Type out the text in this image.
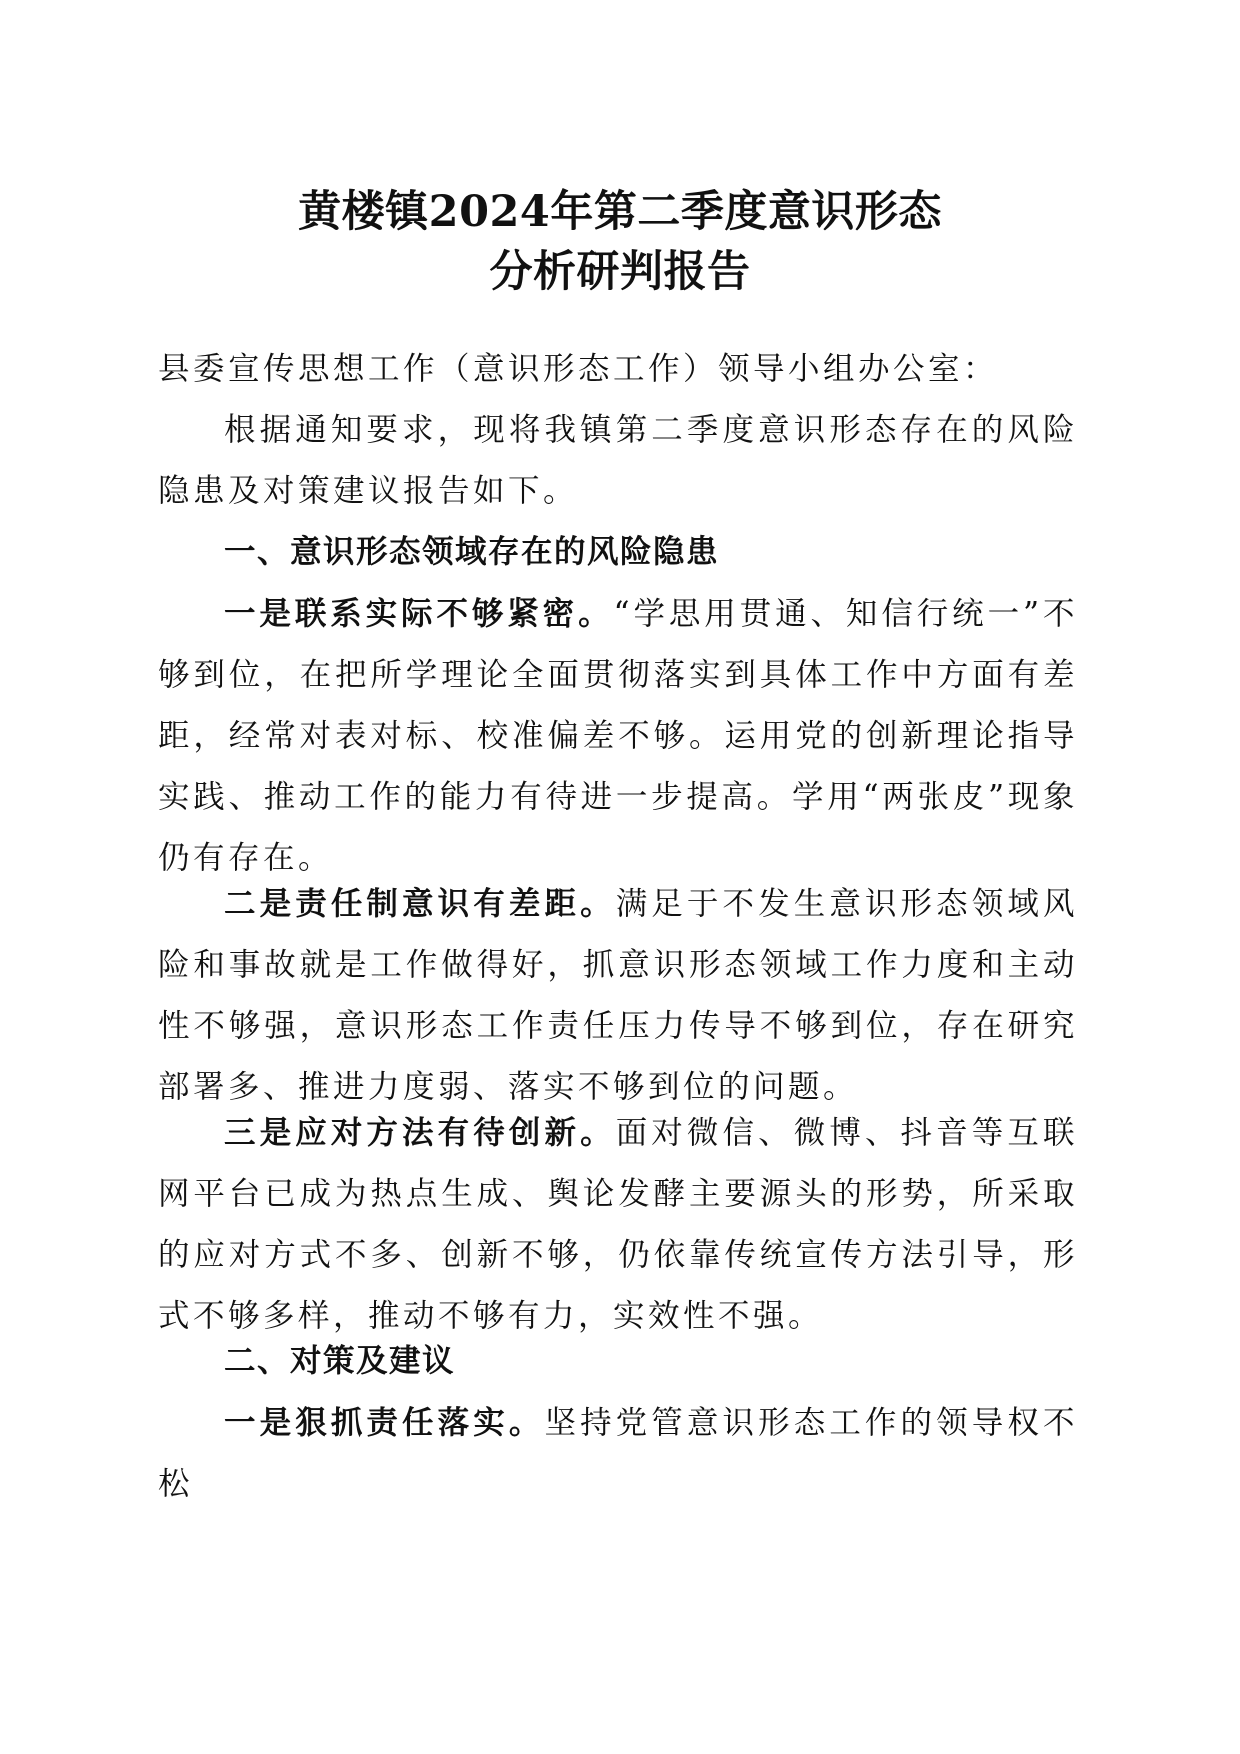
黄楼镇2024年第二季度意识形态
分析研判报告

县委宣传思想工作（意识形态工作）领导小组办公室：

根据通知要求，现将我镇第二季度意识形态存在的风险隐患及对策建议报告如下。

一、意识形态领域存在的风险隐患

一是联系实际不够紧密。“学思用贯通、知信行统一”不够到位，在把所学理论全面贯彻落实到具体工作中方面有差距，经常对表对标、校准偏差不够。运用党的创新理论指导实践、推动工作的能力有待进一步提高。学用“两张皮”现象仍有存在。

二是责任制意识有差距。满足于不发生意识形态领域风险和事故就是工作做得好，抓意识形态领域工作力度和主动性不够强，意识形态工作责任压力传导不够到位，存在研究部署多、推进力度弱、落实不够到位的问题。

三是应对方法有待创新。面对微信、微博、抖音等互联网平台已成为热点生成、舆论发酵主要源头的形势，所采取的应对方式不多、创新不够，仍依靠传统宣传方法引导，形式不够多样，推动不够有力，实效性不强。

二、对策及建议

一是狠抓责任落实。坚持党管意识形态工作的领导权不松
